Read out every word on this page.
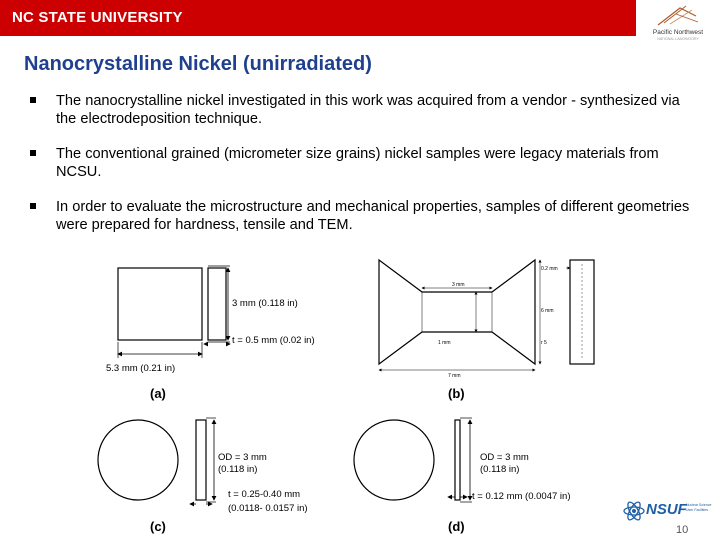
NC STATE UNIVERSITY
Pacific Northwest
NATIONAL LABORATORY
Nanocrystalline Nickel (unirradiated)
The nanocrystalline nickel investigated in this work was acquired from a vendor - synthesized via the electrodeposition technique.
The conventional grained (micrometer size grains) nickel samples were legacy materials from NCSU.
In order to evaluate the microstructure and mechanical properties, samples of different geometries were prepared for hardness, tensile and TEM.
3 mm (0.118 in)
t = 0.5 mm (0.02 in)
5.3 mm (0.21 in)
(a)
3 mm
1 mm
7 mm
6 mm
r 5
0.2 mm
(b)
OD = 3 mm
(0.118 in)
t = 0.25-0.40 mm
(0.0118- 0.0157 in)
(c)
OD = 3 mm
(0.118 in)
t = 0.12 mm (0.0047 in)
(d)
NSUF Nuclear Science
User Facilities
10
